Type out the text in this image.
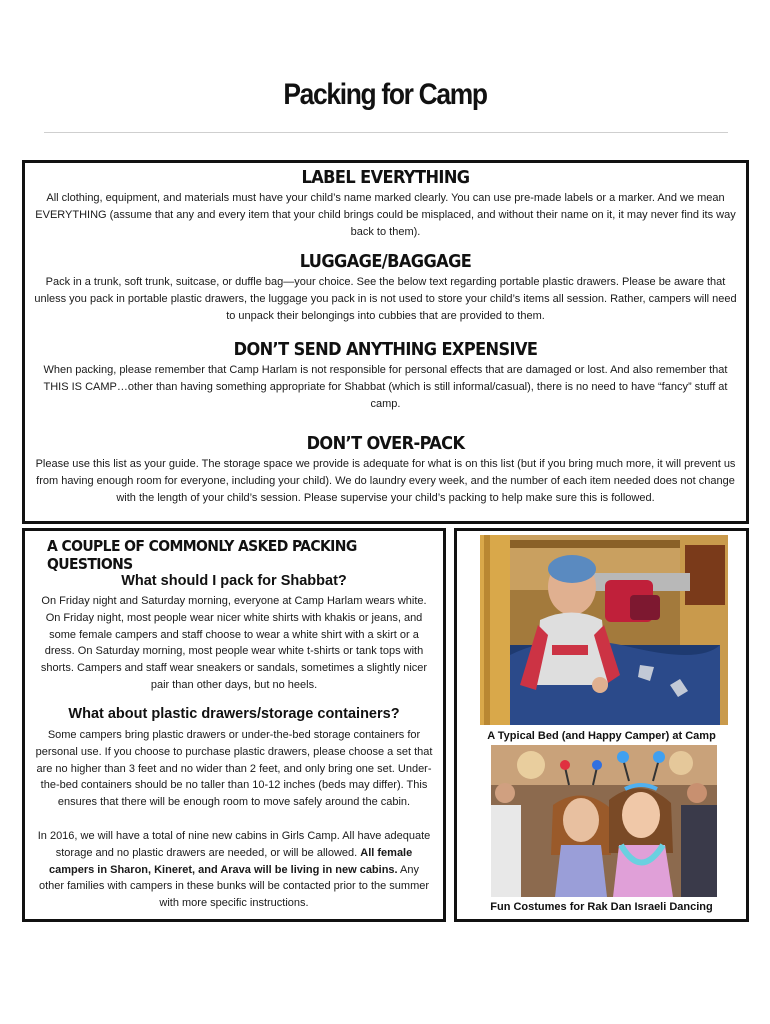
Packing for Camp
LABEL EVERYTHING

All clothing, equipment, and materials must have your child’s name marked clearly. You can use pre-made labels or a marker. And we mean EVERYTHING (assume that any and every item that your child brings could be misplaced, and without their name on it, it may never find its way back to them).

LUGGAGE/BAGGAGE

Pack in a trunk, soft trunk, suitcase, or duffle bag—your choice. See the below text regarding portable plastic drawers. Please be aware that unless you pack in portable plastic drawers, the luggage you pack in is not used to store your child’s items all session. Rather, campers will need to unpack their belongings into cubbies that are provided to them.

DON’T SEND ANYTHING EXPENSIVE

When packing, please remember that Camp Harlam is not responsible for personal effects that are damaged or lost. And also remember that THIS IS CAMP…other than having something appropriate for Shabbat (which is still informal/casual), there is no need to have “fancy” stuff at camp.

DON’T OVER-PACK

Please use this list as your guide. The storage space we provide is adequate for what is on this list (but if you bring much more, it will prevent us from having enough room for everyone, including your child). We do laundry every week, and the number of each item needed does not change with the length of your child’s session. Please supervise your child’s packing to help make sure this is followed.

A COUPLE OF COMMONLY ASKED PACKING QUESTIONS
What should I pack for Shabbat?

On Friday night and Saturday morning, everyone at Camp Harlam wears white. On Friday night, most people wear nicer white shirts with khakis or jeans, and some female campers and staff choose to wear a white shirt with a skirt or a dress. On Saturday morning, most people wear white t-shirts or tank tops with shorts. Campers and staff wear sneakers or sandals, sometimes a slightly nicer pair than other days, but no heels.

What about plastic drawers/storage containers?

Some campers bring plastic drawers or under-the-bed storage containers for personal use. If you choose to purchase plastic drawers, please choose a set that are no higher than 3 feet and no wider than 2 feet, and only bring one set. Under-the-bed containers should be no taller than 10-12 inches (beds may differ). This ensures that there will be enough room to move safely around the cabin.

In 2016, we will have a total of nine new cabins in Girls Camp. All have adequate storage and no plastic drawers are needed, or will be allowed. All female campers in Sharon, Kineret, and Arava will be living in new cabins. Any other families with campers in these bunks will be contacted prior to the summer with more specific instructions.

A Typical Bed (and Happy Camper) at Camp
Fun Costumes for Rak Dan Israeli Dancing
